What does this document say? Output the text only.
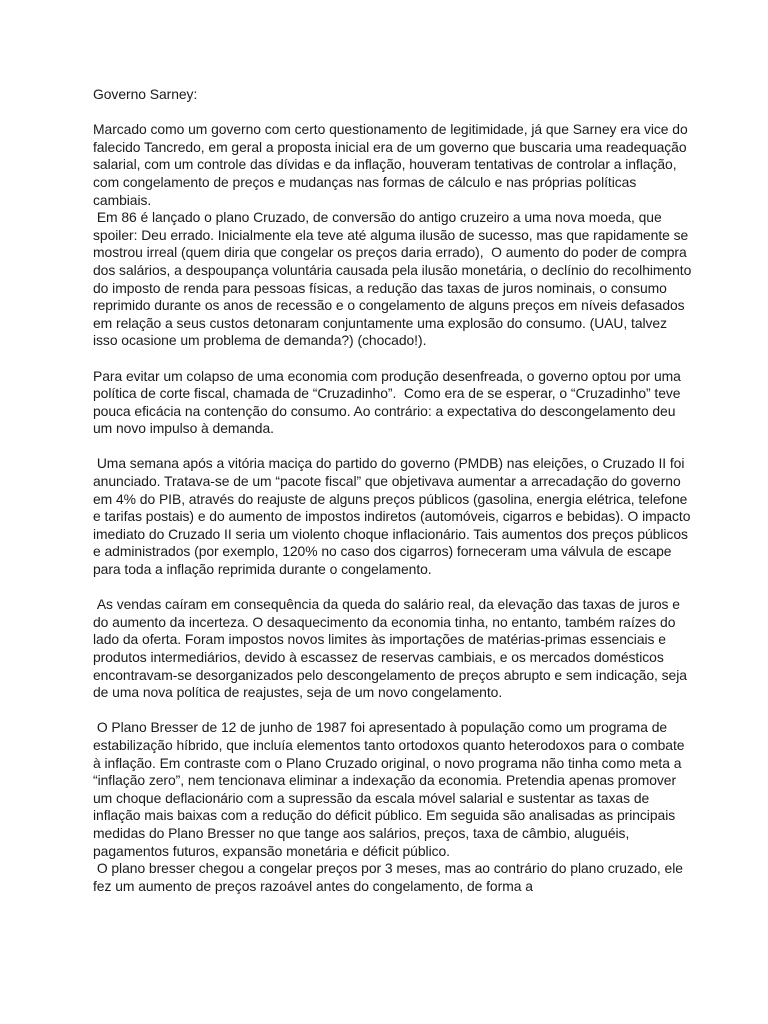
Governo Sarney:

Marcado como um governo com certo questionamento de legitimidade, já que Sarney era vice do falecido Tancredo, em geral a proposta inicial era de um governo que buscaria uma readequação salarial, com um controle das dívidas e da inflação, houveram tentativas de controlar a inflação, com congelamento de preços e mudanças nas formas de cálculo e nas próprias políticas cambiais.

Em 86 é lançado o plano Cruzado, de conversão do antigo cruzeiro a uma nova moeda, que spoiler: Deu errado. Inicialmente ela teve até alguma ilusão de sucesso, mas que rapidamente se mostrou irreal (quem diria que congelar os preços daria errado),  O aumento do poder de compra dos salários, a despoupança voluntária causada pela ilusão monetária, o declínio do recolhimento do imposto de renda para pessoas físicas, a redução das taxas de juros nominais, o consumo reprimido durante os anos de recessão e o congelamento de alguns preços em níveis defasados em relação a seus custos detonaram conjuntamente uma explosão do consumo. (UAU, talvez isso ocasione um problema de demanda?) (chocado!).

Para evitar um colapso de uma economia com produção desenfreada, o governo optou por uma política de corte fiscal, chamada de “Cruzadinho”.  Como era de se esperar, o “Cruzadinho” teve pouca eficácia na contenção do consumo. Ao contrário: a expectativa do descongelamento deu um novo impulso à demanda.

Uma semana após a vitória maciça do partido do governo (PMDB) nas eleições, o Cruzado II foi anunciado. Tratava-se de um “pacote fiscal” que objetivava aumentar a arrecadação do governo em 4% do PIB, através do reajuste de alguns preços públicos (gasolina, energia elétrica, telefone e tarifas postais) e do aumento de impostos indiretos (automóveis, cigarros e bebidas). O impacto imediato do Cruzado II seria um violento choque inflacionário. Tais aumentos dos preços públicos e administrados (por exemplo, 120% no caso dos cigarros) forneceram uma válvula de escape para toda a inflação reprimida durante o congelamento.

As vendas caíram em consequência da queda do salário real, da elevação das taxas de juros e do aumento da incerteza. O desaquecimento da economia tinha, no entanto, também raízes do lado da oferta. Foram impostos novos limites às importações de matérias-primas essenciais e produtos intermediários, devido à escassez de reservas cambiais, e os mercados domésticos encontravam-se desorganizados pelo descongelamento de preços abrupto e sem indicação, seja de uma nova política de reajustes, seja de um novo congelamento.

O Plano Bresser de 12 de junho de 1987 foi apresentado à população como um programa de estabilização híbrido, que incluía elementos tanto ortodoxos quanto heterodoxos para o combate à inflação. Em contraste com o Plano Cruzado original, o novo programa não tinha como meta a “inflação zero”, nem tencionava eliminar a indexação da economia. Pretendia apenas promover um choque deflacionário com a supressão da escala móvel salarial e sustentar as taxas de inflação mais baixas com a redução do déficit público. Em seguida são analisadas as principais medidas do Plano Bresser no que tange aos salários, preços, taxa de câmbio, aluguéis, pagamentos futuros, expansão monetária e déficit público.

O plano bresser chegou a congelar preços por 3 meses, mas ao contrário do plano cruzado, ele fez um aumento de preços razoável antes do congelamento, de forma a
